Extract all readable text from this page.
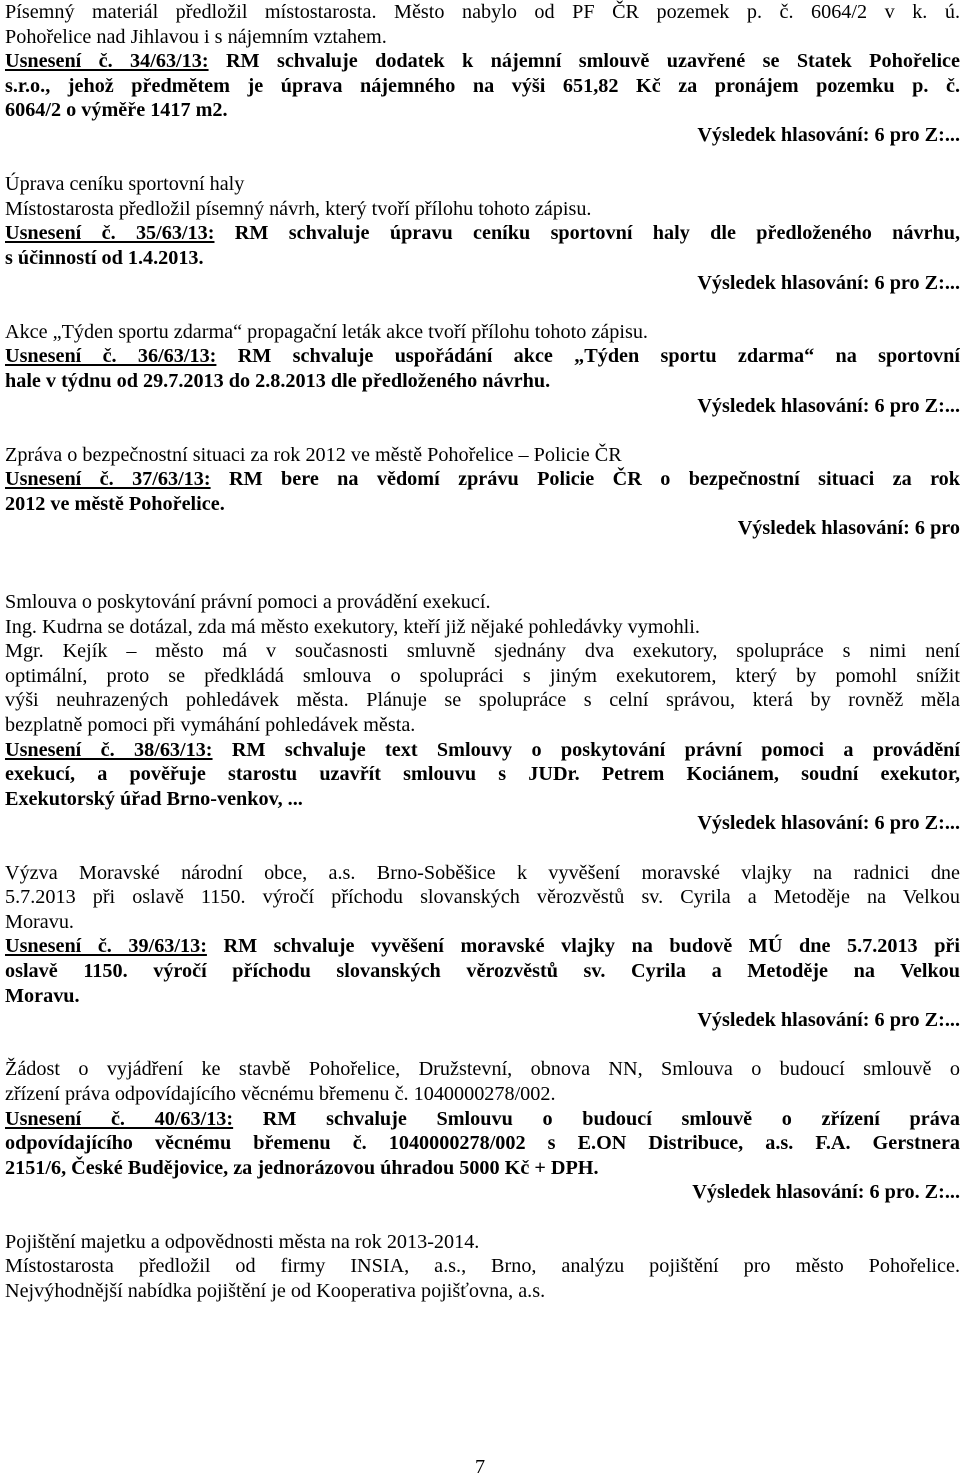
Písemný materiál předložil místostarosta. Město nabylo od PF ČR pozemek p. č. 6064/2 v k. ú.

Pohořelice nad Jihlavou i s nájemním vztahem.

Usnesení č. 34/63/13: RM schvaluje dodatek k nájemní smlouvě uzavřené se Statek Pohořelice

s.r.o., jehož předmětem je úprava nájemného na výši 651,82 Kč za pronájem pozemku p. č.

6064/2 o výměře 1417 m2.

Výsledek hlasování: 6 pro Z:...

Úprava ceníku sportovní haly

Místostarosta předložil písemný návrh, který tvoří přílohu tohoto zápisu.

Usnesení č. 35/63/13: RM schvaluje úpravu ceníku sportovní haly dle předloženého návrhu,

s účinností od 1.4.2013.

Výsledek hlasování: 6 pro Z:...

Akce „Týden sportu zdarma“ propagační leták akce tvoří přílohu tohoto zápisu.

Usnesení č. 36/63/13: RM schvaluje uspořádání akce „Týden sportu zdarma“ na sportovní

hale v týdnu od 29.7.2013 do 2.8.2013 dle předloženého návrhu.

Výsledek hlasování: 6 pro Z:...

Zpráva o bezpečnostní situaci za rok 2012 ve městě Pohořelice – Policie ČR

Usnesení č. 37/63/13: RM bere na vědomí zprávu Policie ČR o bezpečnostní situaci za rok

2012 ve městě Pohořelice.

Výsledek hlasování: 6 pro

Smlouva o poskytování právní pomoci a provádění exekucí.

Ing. Kudrna se dotázal, zda má město exekutory, kteří již nějaké pohledávky vymohli.

Mgr. Kejík – město má v současnosti smluvně sjednány dva exekutory, spolupráce s nimi není

optimální, proto se předkládá smlouva o spolupráci s jiným exekutorem, který by pomohl snížit

výši neuhrazených pohledávek města. Plánuje se spolupráce s celní správou, která by rovněž měla

bezplatně pomoci při vymáhání pohledávek města.

Usnesení č. 38/63/13: RM schvaluje text Smlouvy o poskytování právní pomoci a provádění

exekucí, a pověřuje starostu uzavřít smlouvu s JUDr. Petrem Kociánem, soudní exekutor,

Exekutorský úřad Brno-venkov, ...

Výsledek hlasování: 6 pro Z:...

Výzva Moravské národní obce, a.s. Brno-Soběšice k vyvěšení moravské vlajky na radnici dne

5.7.2013 při oslavě 1150. výročí příchodu slovanských věrozvěstů sv. Cyrila a Metoděje na Velkou

Moravu.

Usnesení č. 39/63/13: RM schvaluje vyvěšení moravské vlajky na budově MÚ dne 5.7.2013 při

oslavě 1150. výročí příchodu slovanských věrozvěstů sv. Cyrila a Metoděje na Velkou

Moravu.

Výsledek hlasování: 6 pro Z:...

Žádost o vyjádření ke stavbě Pohořelice, Družstevní, obnova NN, Smlouva o budoucí smlouvě o

zřízení práva odpovídajícího věcnému břemenu č. 1040000278/002.

Usnesení č. 40/63/13: RM schvaluje Smlouvu o budoucí smlouvě o zřízení práva

odpovídajícího věcnému břemenu č. 1040000278/002 s E.ON Distribuce, a.s. F.A. Gerstnera

2151/6, České Budějovice, za jednorázovou úhradou 5000 Kč + DPH.

Výsledek hlasování: 6 pro. Z:...

Pojištění majetku a odpovědnosti města na rok 2013-2014.

Místostarosta předložil od firmy INSIA, a.s., Brno, analýzu pojištění pro město Pohořelice.

Nejvýhodnější nabídka pojištění je od Kooperativa pojišťovna, a.s.

7
